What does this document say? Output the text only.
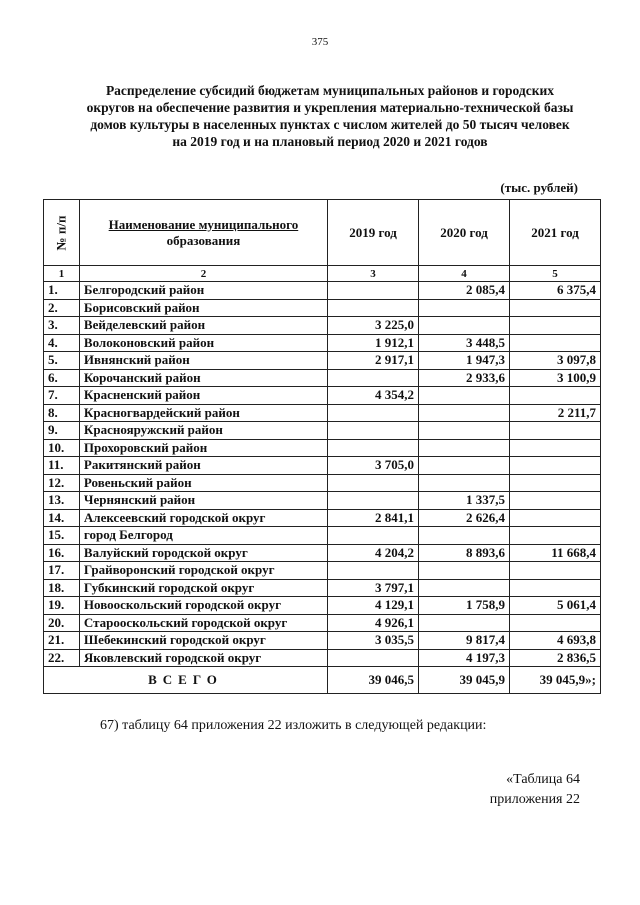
375
Распределение субсидий бюджетам муниципальных районов и городских
округов на обеспечение развития и укрепления материально-технической базы
домов культуры в населенных пунктах с числом жителей до 50 тысяч человек
на 2019 год и на плановый период 2020 и 2021 годов
(тыс. рублей)
№ п/п	Наименование муниципального
образования	2019 год	2020 год	2021 год
1	2	3	4	5
1.	Белгородский район		2 085,4	6 375,4
2.	Борисовский район			
3.	Вейделевский район	3 225,0		
4.	Волоконовский район	1 912,1	3 448,5	
5.	Ивнянский район	2 917,1	1 947,3	3 097,8
6.	Корочанский район		2 933,6	3 100,9
7.	Красненский район	4 354,2		
8.	Красногвардейский район			2 211,7
9.	Краснояружский район			
10.	Прохоровский район			
11.	Ракитянский район	3 705,0		
12.	Ровеньский район			
13.	Чернянский район		1 337,5	
14.	Алексеевский городской округ	2 841,1	2 626,4	
15.	город Белгород			
16.	Валуйский городской округ	4 204,2	8 893,6	11 668,4
17.	Грайворонский городской округ			
18.	Губкинский городской округ	3 797,1		
19.	Новооскольский городской округ	4 129,1	1 758,9	5 061,4
20.	Старооскольский городской округ	4 926,1		
21.	Шебекинский городской округ	3 035,5	9 817,4	4 693,8
22.	Яковлевский городской округ		4 197,3	2 836,5
ВСЕГО		39 046,5	39 045,9	39 045,9»;
67) таблицу 64 приложения 22 изложить в следующей редакции:
«Таблица 64
приложения 22
